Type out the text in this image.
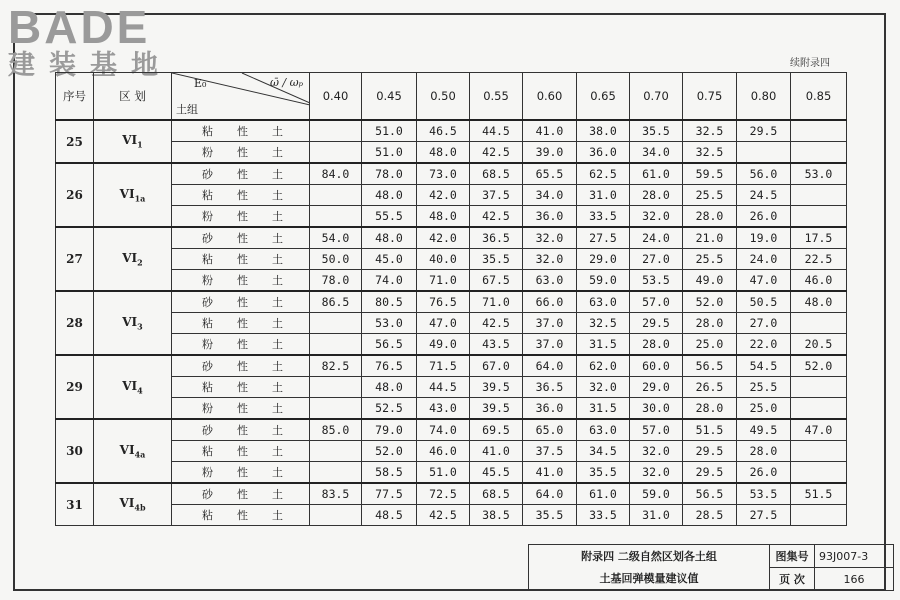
BADE
建装基地	续附录四
序号	区 划	E₀ ω̄ / ωₚ
土组	0.40	0.45	0.50	0.55	0.60	0.65	0.70	0.75	0.80	0.85
25	$VI_1$	粘 性 土		51.0	46.5	44.5	41.0	38.0	35.5	32.5	29.5	

		粉 性 土		51.0	48.0	42.5	39.0	36.0	34.0	32.5		
26	$VI_{1a}$	砂 性 土	84.0	78.0	73.0	68.5	65.5	62.5	61.0	59.5	56.0	53.0

		粘 性 土		48.0	42.0	37.5	34.0	31.0	28.0	25.5	24.5	

		粉 性 土		55.5	48.0	42.5	36.0	33.5	32.0	28.0	26.0	
27	$VI_2$	砂 性 土	54.0	48.0	42.0	36.5	32.0	27.5	24.0	21.0	19.0	17.5

		粘 性 土	50.0	45.0	40.0	35.5	32.0	29.0	27.0	25.5	24.0	22.5

		粉 性 土	78.0	74.0	71.0	67.5	63.0	59.0	53.5	49.0	47.0	46.0
28	$VI_3$	砂 性 土	86.5	80.5	76.5	71.0	66.0	63.0	57.0	52.0	50.5	48.0

		粘 性 土		53.0	47.0	42.5	37.0	32.5	29.5	28.0	27.0	

		粉 性 土		56.5	49.0	43.5	37.0	31.5	28.0	25.0	22.0	20.5
29	$VI_4$	砂 性 土	82.5	76.5	71.5	67.0	64.0	62.0	60.0	56.5	54.5	52.0

		粘 性 土		48.0	44.5	39.5	36.5	32.0	29.0	26.5	25.5	

		粉 性 土		52.5	43.0	39.5	36.0	31.5	30.0	28.0	25.0	
30	$VI_{4a}$	砂 性 土	85.0	79.0	74.0	69.5	65.0	63.0	57.0	51.5	49.5	47.0

		粘 性 土		52.0	46.0	41.0	37.5	34.5	32.0	29.5	28.0	

		粉 性 土		58.5	51.0	45.5	41.0	35.5	32.0	29.5	26.0	
31	$VI_{4b}$	砂 性 土	83.5	77.5	72.5	68.5	64.0	61.0	59.0	56.5	53.5	51.5

		粘 性 土		48.5	42.5	38.5	35.5	33.5	31.0	28.5	27.5	
附录四 二级自然区划各土组
土基回弹模量建议值	图集号	93J007-3
	页 次	166
